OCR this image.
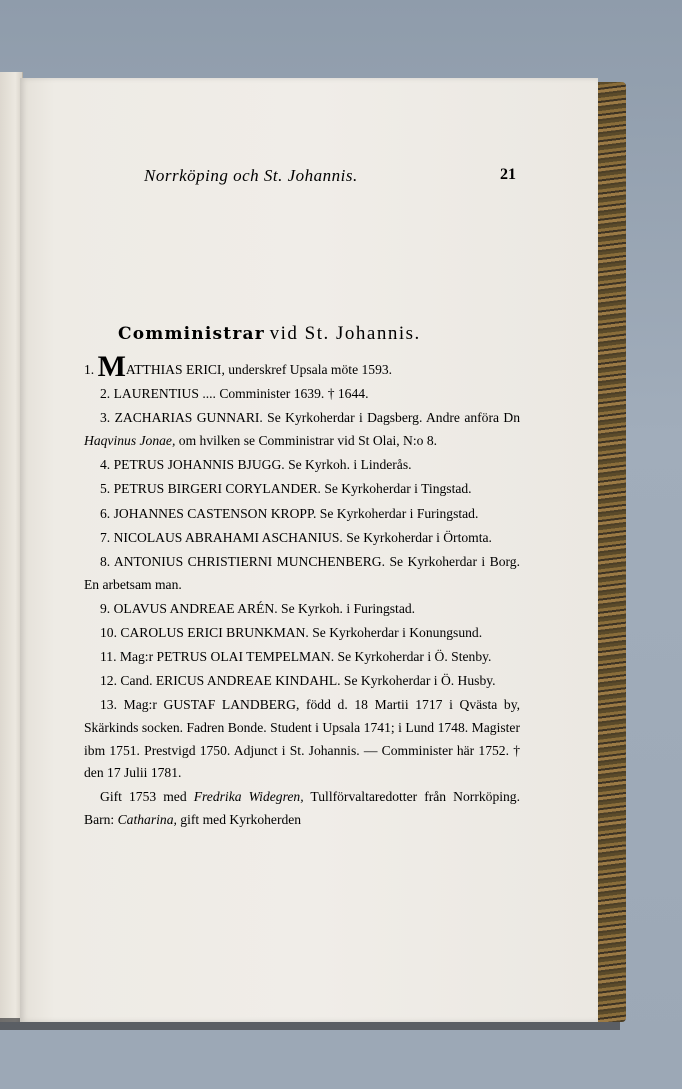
Norrköping och St. Johannis.	21
Comministrar vid St. Johannis.
1. MATTHIAS ERICI, underskref Upsala möte 1593.
2. LAURENTIUS .... Comminister 1639. † 1644.
3. ZACHARIAS GUNNARI. Se Kyrkoherdar i Dagsberg. Andre anföra Dn Haqvinus Jonae, om hvilken se Comministrar vid St Olai, N:o 8.
4. PETRUS JOHANNIS BJUGG. Se Kyrkoh. i Linderås.
5. PETRUS BIRGERI CORYLANDER. Se Kyrkoherdar i Tingstad.
6. JOHANNES CASTENSON KROPP. Se Kyrkoherdar i Furingstad.
7. NICOLAUS ABRAHAMI ASCHANIUS. Se Kyrkoherdar i Örtomta.
8. ANTONIUS CHRISTIERNI MUNCHENBERG. Se Kyrkoherdar i Borg. En arbetsam man.
9. OLAVUS ANDREAE ARÉN. Se Kyrkoh. i Furingstad.
10. CAROLUS ERICI BRUNKMAN. Se Kyrkoherdar i Konungsund.
11. Mag:r PETRUS OLAI TEMPELMAN. Se Kyrkoherdar i Ö. Stenby.
12. Cand. ERICUS ANDREAE KINDAHL. Se Kyrkoherdar i Ö. Husby.
13. Mag:r GUSTAF LANDBERG, född d. 18 Martii 1717 i Qvästa by, Skärkinds socken. Fadren Bonde. Student i Upsala 1741; i Lund 1748. Magister ibm 1751. Prestvigd 1750. Adjunct i St. Johannis. — Comminister här 1752. † den 17 Julii 1781.
Gift 1753 med Fredrika Widegren, Tullförvaltaredotter från Norrköping. Barn: Catharina, gift med Kyrkoherden
